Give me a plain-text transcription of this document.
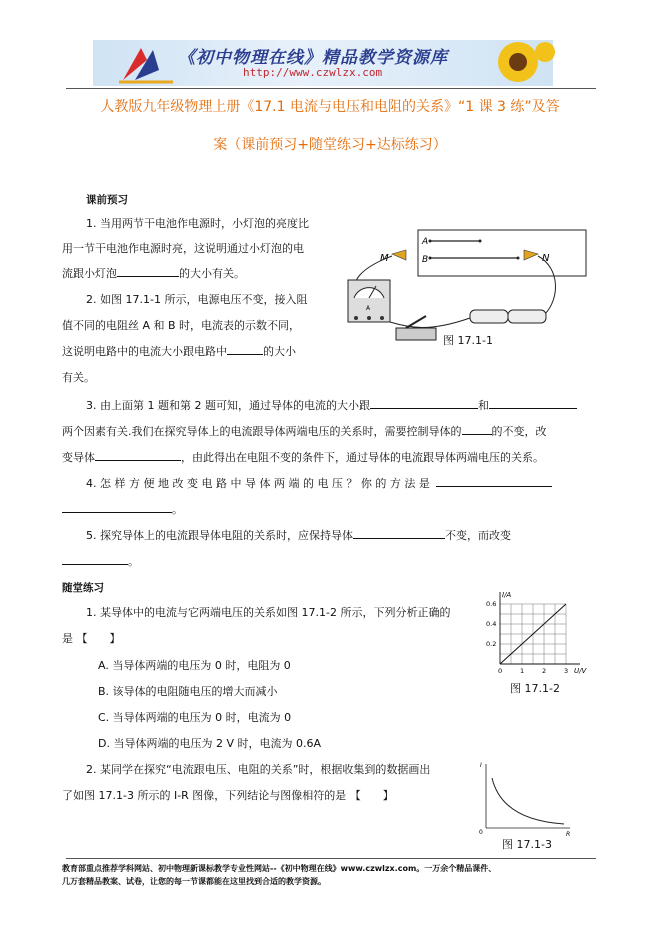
《初中物理在线》精品教学资源库
http://www.czwlzx.com
人教版九年级物理上册《17.1 电流与电压和电阻的关系》“1 课 3 练”及答
案（课前预习+随堂练习+达标练习）
课前预习
1. 当用两节干电池作电源时，小灯泡的亮度比
用一节干电池作电源时亮，这说明通过小灯泡的电
流跟小灯泡	的大小有关。
2. 如图 17.1-1 所示，电源电压不变，接入阻
值不同的电阻丝 A 和 B 时，电流表的示数不同，
这说明电路中的电流大小跟电路中	的大小
有关。
A
B
M	N
A
图 17.1-1
3. 由上面第 1 题和第 2 题可知，通过导体的电流的大小跟	和
两个因素有关.我们在探究导体上的电流跟导体两端电压的关系时，需要控制导体的	的不变，改
变导体	，由此得出在电阻不变的条件下，通过导体的电流跟导体两端电压的关系。
4. 怎 样 方 便 地 改 变 电 路 中 导 体 两 端 的 电 压 ？ 你 的 方 法 是
。
5. 探究导体上的电流跟导体电阻的关系时，应保持导体	不变，而改变
。
随堂练习
1. 某导体中的电流与它两端电压的关系如图 17.1-2 所示，下列分析正确的
是 【　　】
A. 当导体两端的电压为 0 时，电阻为 0
B. 该导体的电阻随电压的增大而减小
C. 当导体两端的电压为 0 时，电流为 0
D. 当导体两端的电压为 2 V 时，电流为 0.6A
0	1	2	3
0.2
0.4
0.6
I/A
U/V
图 17.1-2
2. 某同学在探究“电流跟电压、电阻的关系”时，根据收集到的数据画出
了如图 17.1-3 所示的 I-R 图像，下列结论与图像相符的是 【　　】
I
R
0
图 17.1-3
教育部重点推荐学科网站、初中物理新课标教学专业性网站--《初中物理在线》www.czwlzx.com。一万余个精品课件、
几万套精品教案、试卷，让您的每一节课都能在这里找到合适的教学资源。
